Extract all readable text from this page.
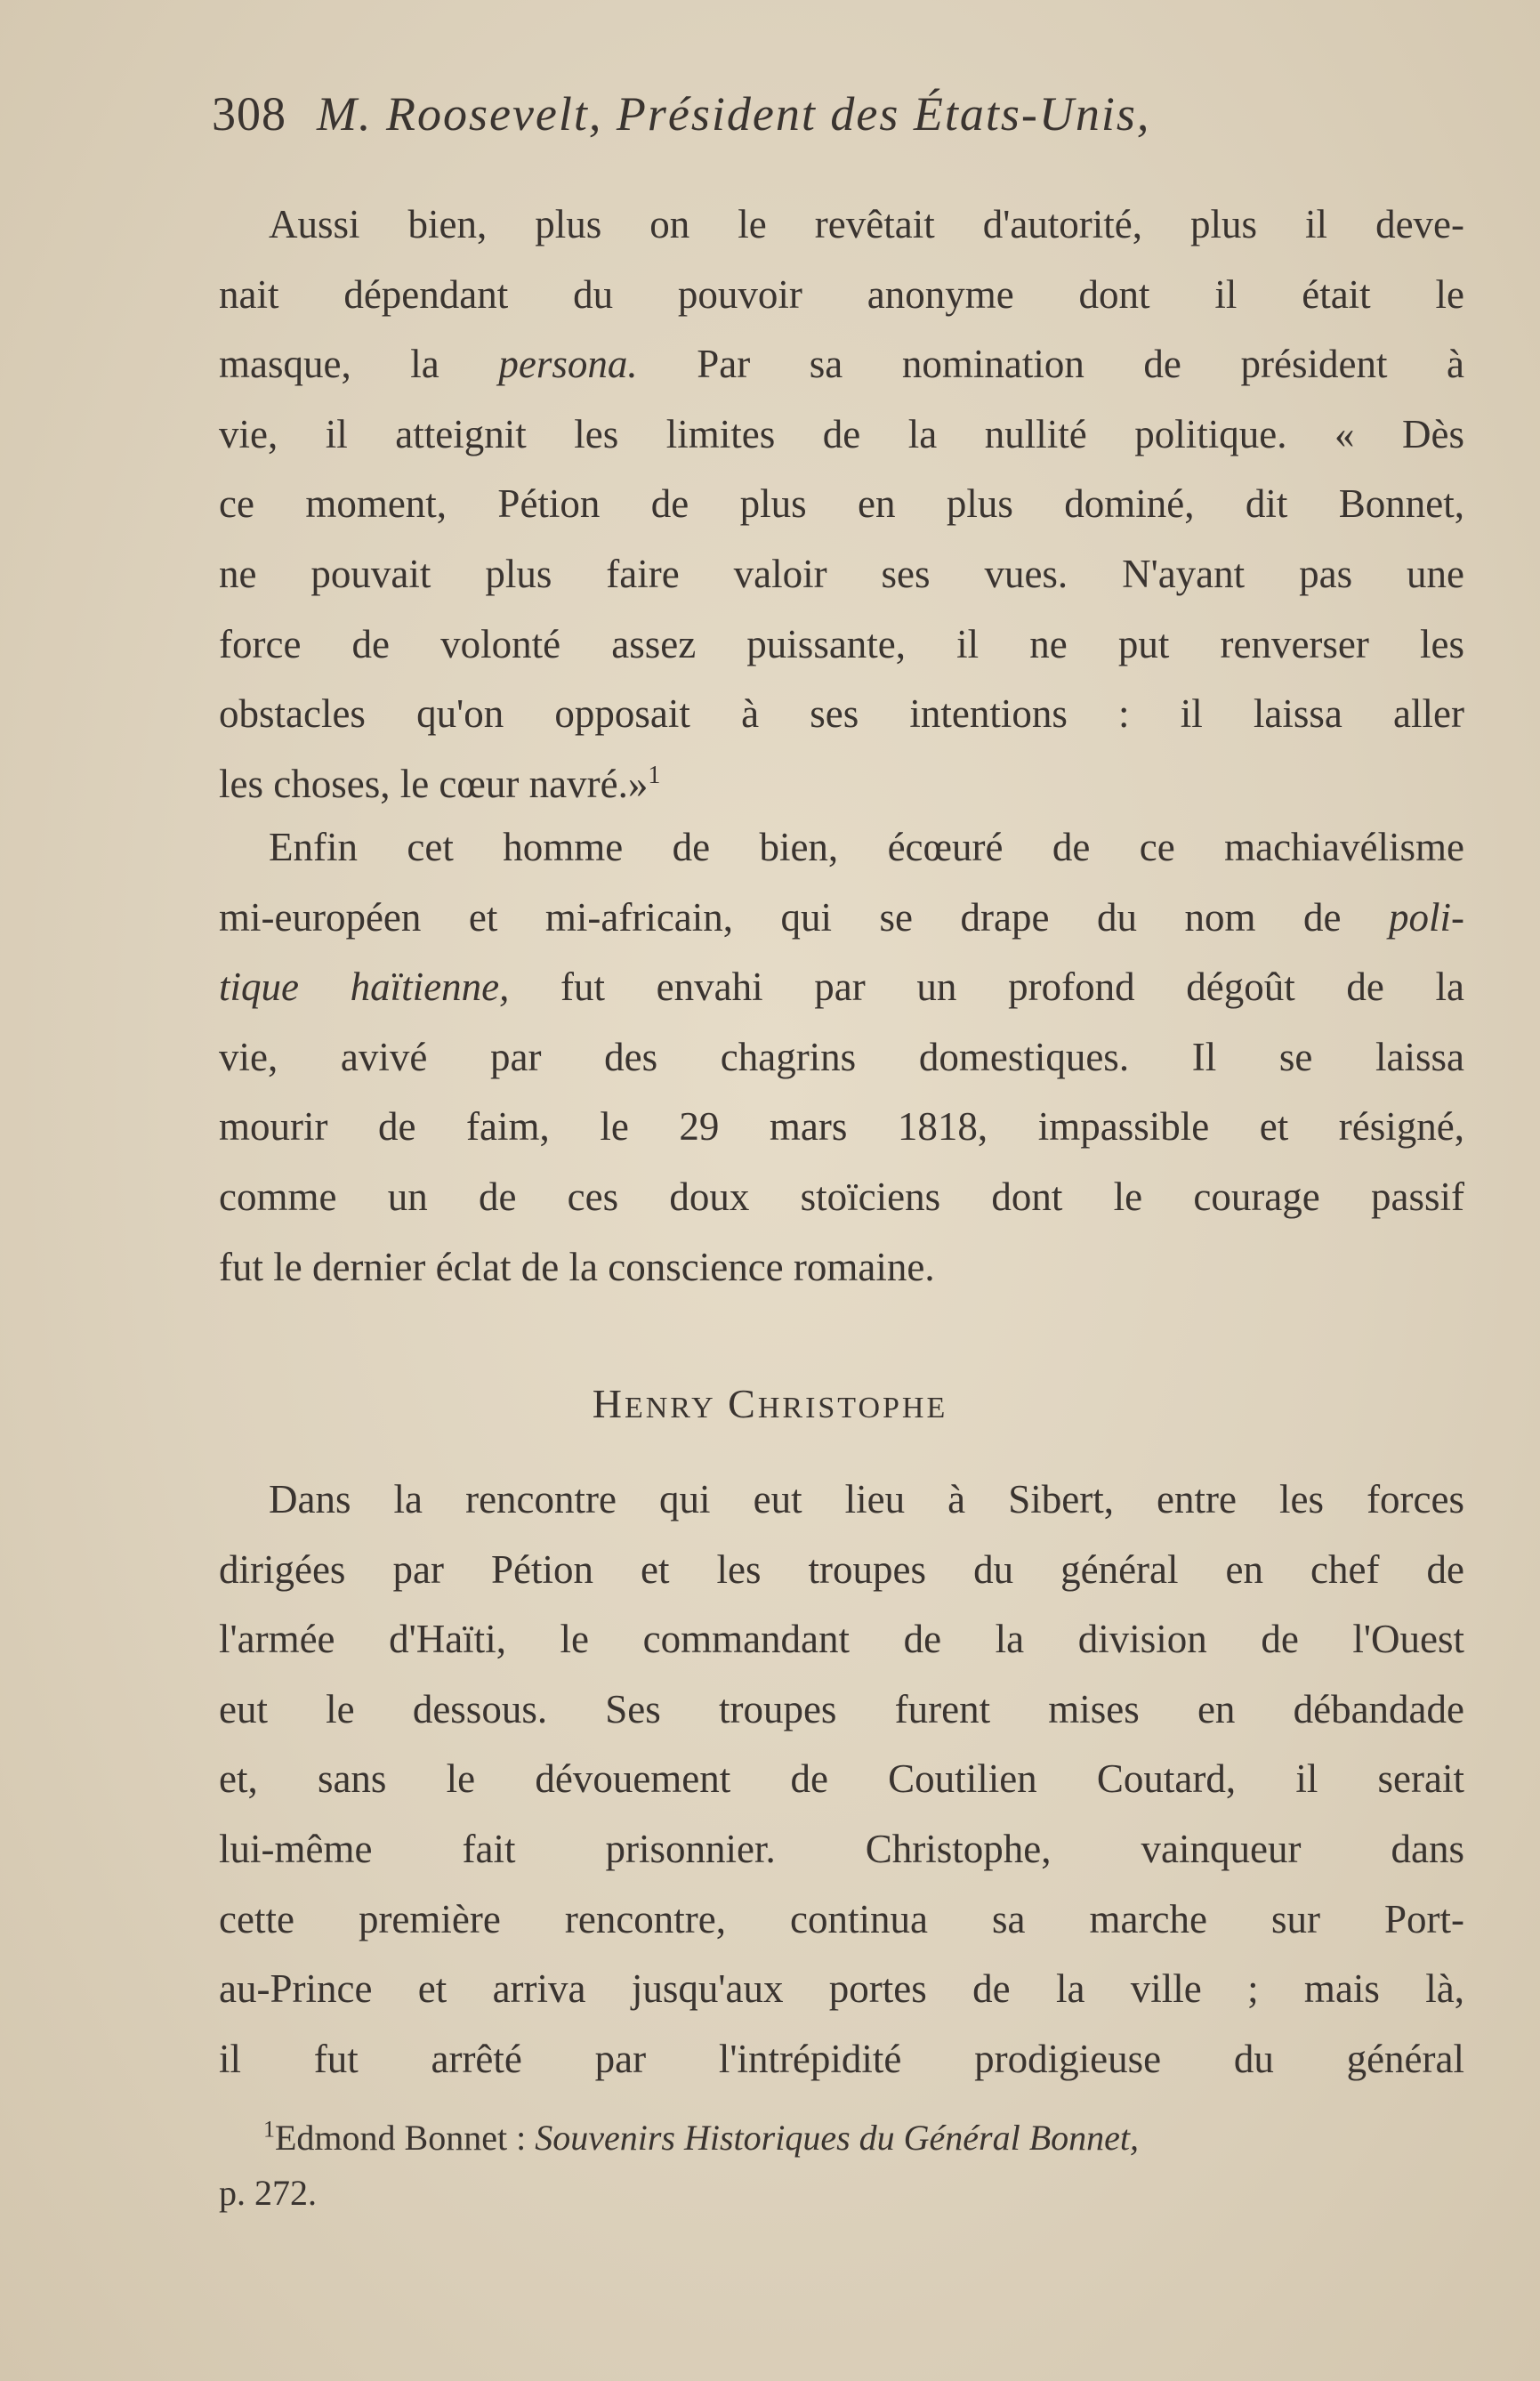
308 M. Roosevelt, Président des États-Unis,
Aussi bien, plus on le revêtait d'autorité, plus il deve-
nait dépendant du pouvoir anonyme dont il était le
masque, la persona. Par sa nomination de président à
vie, il atteignit les limites de la nullité politique. « Dès
ce moment, Pétion de plus en plus dominé, dit Bonnet,
ne pouvait plus faire valoir ses vues. N'ayant pas une
force de volonté assez puissante, il ne put renverser les
obstacles qu'on opposait à ses intentions : il laissa aller
les choses, le cœur navré.»$^1$
Enfin cet homme de bien, écœuré de ce machiavélisme
mi-européen et mi-africain, qui se drape du nom de poli-
tique haïtienne, fut envahi par un profond dégoût de la
vie, avivé par des chagrins domestiques. Il se laissa
mourir de faim, le 29 mars 1818, impassible et résigné,
comme un de ces doux stoïciens dont le courage passif
fut le dernier éclat de la conscience romaine.
HENRY CHRISTOPHE
Dans la rencontre qui eut lieu à Sibert, entre les forces
dirigées par Pétion et les troupes du général en chef de
l'armée d'Haïti, le commandant de la division de l'Ouest
eut le dessous. Ses troupes furent mises en débandade
et, sans le dévouement de Coutilien Coutard, il serait
lui-même fait prisonnier. Christophe, vainqueur dans
cette première rencontre, continua sa marche sur Port-
au-Prince et arriva jusqu'aux portes de la ville ; mais là,
il fut arrêté par l'intrépidité prodigieuse du général
$^1$Edmond Bonnet : Souvenirs Historiques du Général Bonnet,
p. 272.
